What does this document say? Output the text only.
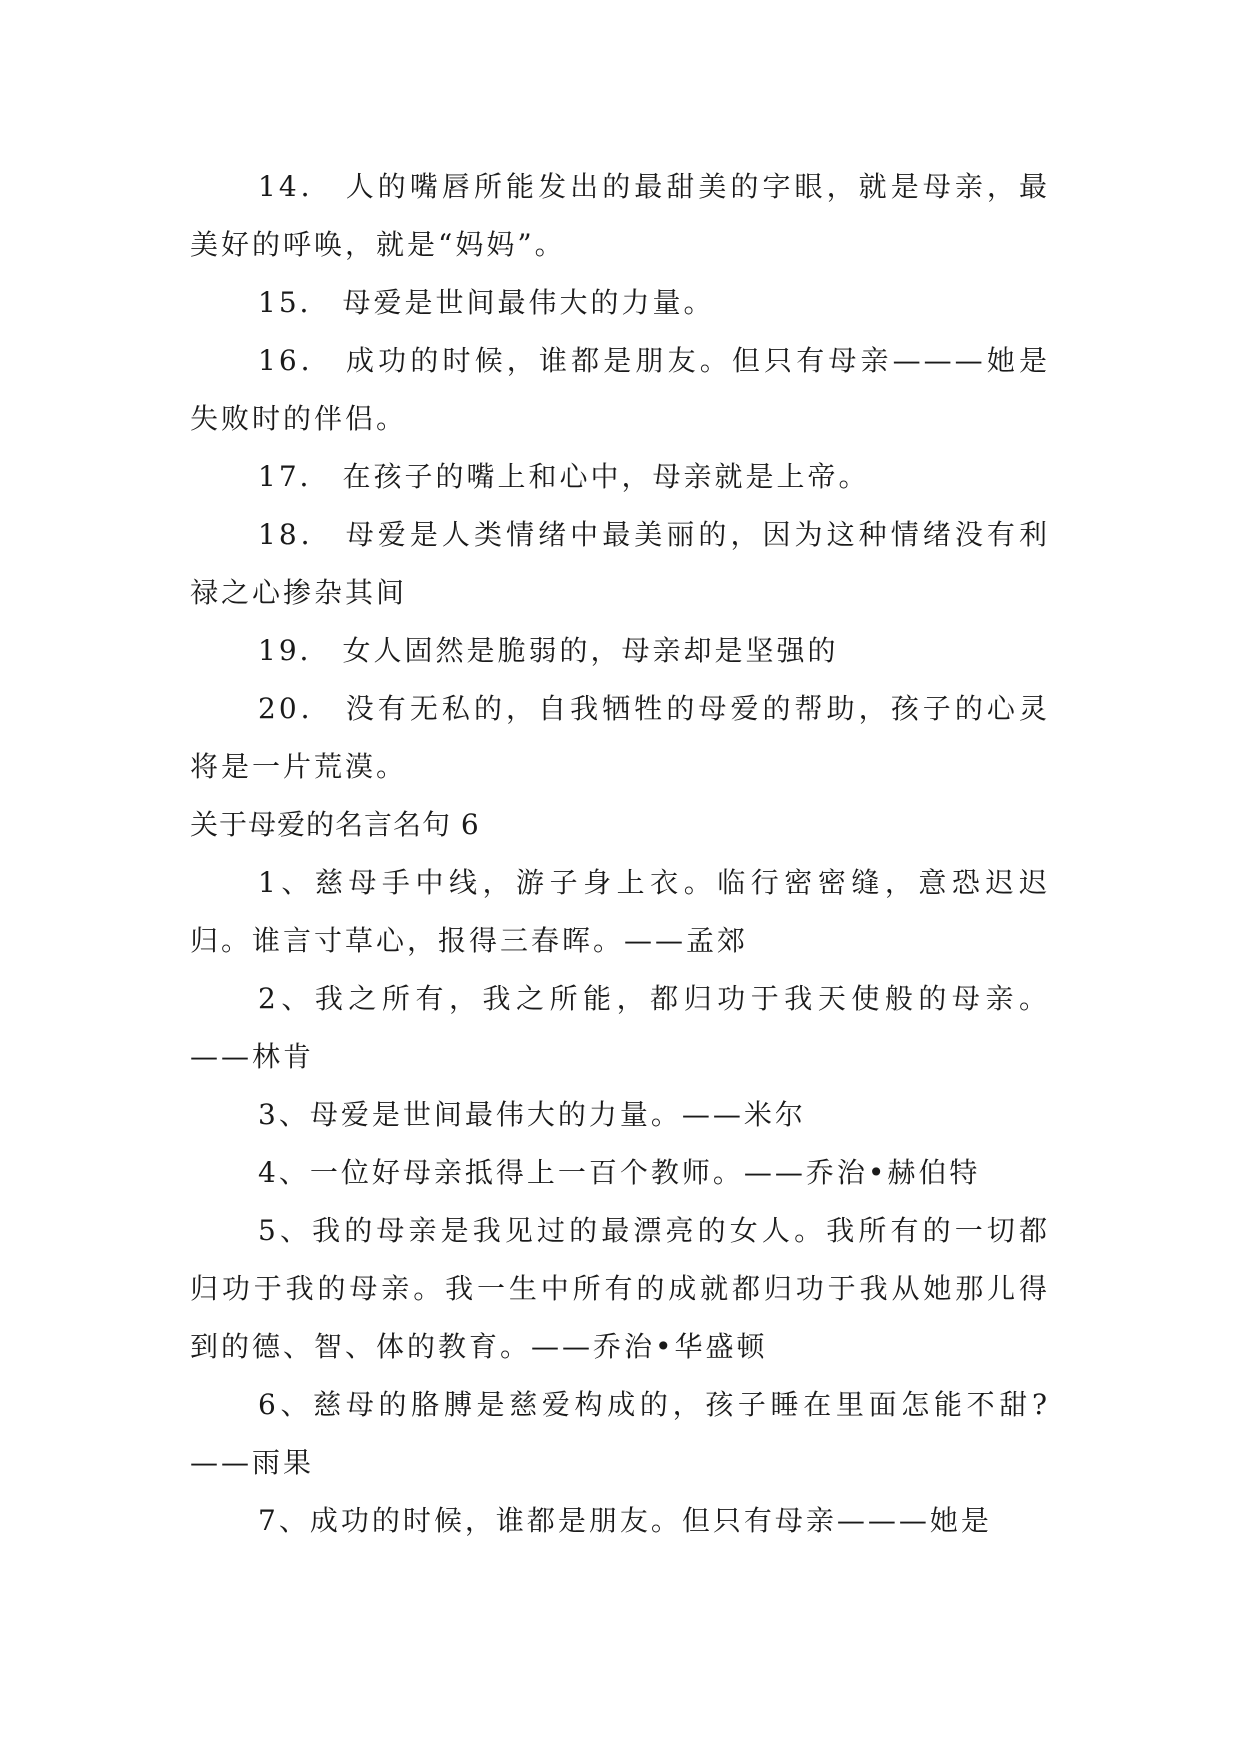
14． 人的嘴唇所能发出的最甜美的字眼，就是母亲，最美好的呼唤，就是“妈妈”。

15． 母爱是世间最伟大的力量。

16． 成功的时候，谁都是朋友。但只有母亲———她是失败时的伴侣。

17． 在孩子的嘴上和心中，母亲就是上帝。

18． 母爱是人类情绪中最美丽的，因为这种情绪没有利禄之心掺杂其间

19． 女人固然是脆弱的，母亲却是坚强的

20． 没有无私的，自我牺牲的母爱的帮助，孩子的心灵将是一片荒漠。

关于母爱的名言名句 6

1、慈母手中线，游子身上衣。临行密密缝，意恐迟迟归。谁言寸草心，报得三春晖。——孟郊

2、我之所有，我之所能，都归功于我天使般的母亲。——林肯

3、母爱是世间最伟大的力量。——米尔

4、一位好母亲抵得上一百个教师。——乔治•赫伯特

5、我的母亲是我见过的最漂亮的女人。我所有的一切都归功于我的母亲。我一生中所有的成就都归功于我从她那儿得到的德、智、体的教育。——乔治•华盛顿

6、慈母的胳膊是慈爱构成的，孩子睡在里面怎能不甜?——雨果

7、成功的时候，谁都是朋友。但只有母亲———她是
